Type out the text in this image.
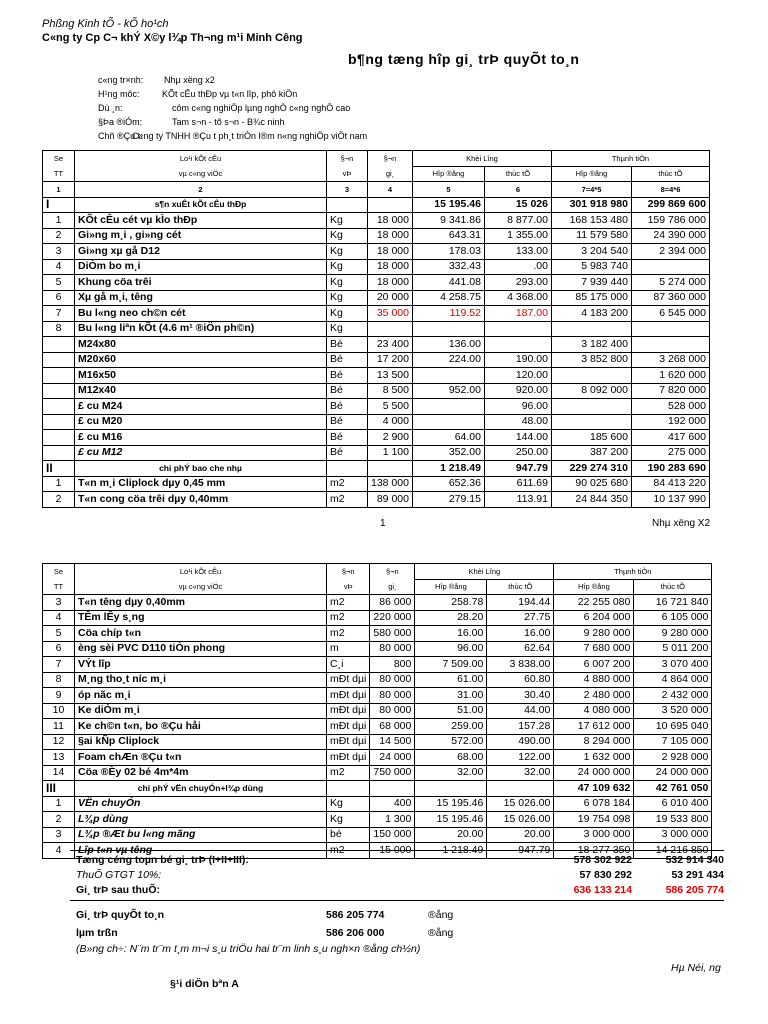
Phßng Kinh tÕ - kÕ ho¹ch
C«ng ty Cp C¬ khÝ X©y l¾p Th¬ng m¹i Minh Cêng
b¶ng tæng hîp gi¸ trÞ quyÕt to¸n
c«ng tr×nh: Nhµ xëng x2
H¹ng môc: KÕt cÊu thÐp vµ t«n lîp, phô kiÖn
Dù ¸n:	côm c«ng nghiÖp lµng nghÒ c«ng nghÖ cao
§Þa ®iÓm:	Tam s¬n - tõ s¬n - B¾c ninh
Chñ ®Çu t:
C«ng ty TNHH ®Çu t ph¸t triÓn l®m n«ng nghiÖp viÖt nam
Se	Lo¹i kÕt cÊu	§¬n	§¬n	Khèi Lîng		Thµnh tiÒn	
TT	vµ c«ng viÖc	vÞ	gi¸	Hîp ®ång	thùc tÕ	Hîp ®ång	thùc tÕ
1	2	3	4	5	6	7=4*5	8=4*6
I	s¶n xuÊt kÕt cÊu thÐp			15 195.46	15 026	301 918 980	299 869 600
1	KÕt cÊu cét vµ kÌo thÐp	Kg	18 000	9 341.86	8 877.00	168 153 480	159 786 000
2	Gi»ng m¸i , gi»ng cét	Kg	18 000	643.31	1 355.00	11 579 580	24 390 000
3	Gi»ng xµ gå D12	Kg	18 000	178.03	133.00	3 204 540	2 394 000
4	DiÒm bo m¸i	Kg	18 000	332.43	.00	5 983 740	
5	Khung cöa trêi	Kg	18 000	441.08	293.00	7 939 440	5 274 000
6	Xµ gå m¸i, têng	Kg	20 000	4 258.75	4 368.00	85 175 000	87 360 000
7	Bu l«ng neo ch©n cét	Kg	35 000	119.52	187.00	4 183 200	6 545 000
8	Bu l«ng liªn kÕt (4.6 m¹ ®iÖn ph©n)	Kg					
	M24x80	Bé	23 400	136.00		3 182 400	
	M20x60	Bé	17 200	224.00	190.00	3 852 800	3 268 000
	M16x50	Bé	13 500		120.00		1 620 000
	M12x40	Bé	8 500	952.00	920.00	8 092 000	7 820 000
	£ cu M24	Bé	5 500		96.00		528 000
	£ cu M20	Bé	4 000		48.00		192 000
	£ cu M16	Bé	2 900	64.00	144.00	185 600	417 600
	£ cu M12	Bé	1 100	352.00	250.00	387 200	275 000
II	chi phÝ bao che nhµ			1 218.49	947.79	229 274 310	190 283 690
1	T«n m¸i Cliplock dµy 0,45 mm	m2	138 000	652.36	611.69	90 025 680	84 413 220
2	T«n cong cöa trêi dµy 0,40mm	m2	89 000	279.15	113.91	24 844 350	10 137 990
1	Nhµ xëng X2
Se	Lo¹i kÕt cÊu	§¬n	§¬n	Khèi Lîng		Thµnh tiÒn	
TT	vµ c«ng viÖc	vÞ	gi¸	Hîp ®ång	thùc tÕ	Hîp ®ång	thùc tÕ
3	T«n têng dµy 0,40mm	m2	86 000	258.78	194.44	22 255 080	16 721 840
4	TÊm lÊy s¸ng	m2	220 000	28.20	27.75	6 204 000	6 105 000
5	Cöa chíp t«n	m2	580 000	16.00	16.00	9 280 000	9 280 000
6	èng sèi PVC D110 tiÒn phong	m	80 000	96.00	62.64	7 680 000	5 011 200
7	VÝt lîp	C¸i	800	7 509.00	3 838.00	6 007 200	3 070 400
8	M¸ng tho¸t níc m¸i	mÐt dµi	80 000	61.00	60.80	4 880 000	4 864 000
9	óp nãc m¸i	mÐt dµi	80 000	31.00	30.40	2 480 000	2 432 000
10	Ke diÒm m¸i	mÐt dµi	80 000	51.00	44.00	4 080 000	3 520 000
11	Ke ch©n t«n, bo ®Çu håi	mÐt dµi	68 000	259.00	157.28	17 612 000	10 695 040
12	§ai kÑp Cliplock	mÐt dµi	14 500	572.00	490.00	8 294 000	7 105 000
13	Foam chÆn ®Çu t«n	mÐt dµi	24 000	68.00	122.00	1 632 000	2 928 000
14	Cöa ®Èy 02 bé 4m*4m	m2	750 000	32.00	32.00	24 000 000	24 000 000
III	chi phÝ vËn chuyÓn+l¾p dùng					47 109 632	42 761 050
1	VËn chuyÓn	Kg	400	15 195.46	15 026.00	6 078 184	6 010 400
2	L¾p dùng	Kg	1 300	15 195.46	15 026.00	19 754 098	19 533 800
3	L¾p ®Æt bu l«ng mãng	bé	150 000	20.00	20.00	3 000 000	3 000 000
4	Lîp t«n vµ têng	m2	15 000	1 218.49	947.79	18 277 350	14 216 850
Tæng céng toµn bé gi¸ trÞ (I+II+III):	578 302 922	532 914 340
ThuÕ GTGT 10%:	57 830 292	53 291 434
Gi¸ trÞ sau thuÕ:	636 133 214	586 205 774
Gi¸ trÞ quyÕt to¸n	586 205 774	®ång
lµm trßn	586 206 000	®ång
(B»ng ch÷: N¨m tr¨m t¸m m¬i s¸u triÖu hai tr¨m linh s¸u ngh×n ®ång ch½n)
Hµ Néi, ng
§¹i diÖn bªn A
